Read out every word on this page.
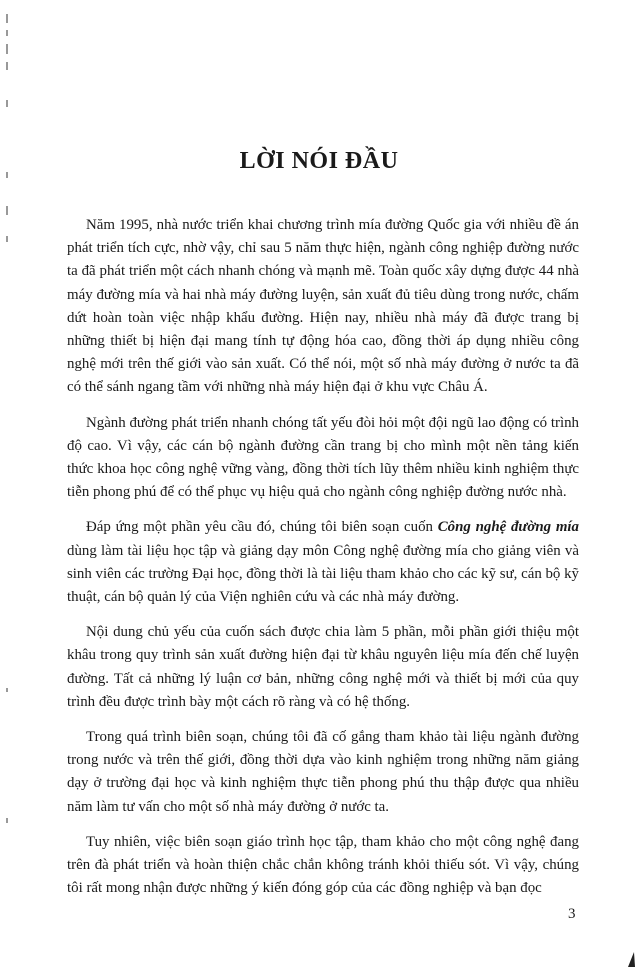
LỜI NÓI ĐẦU

Năm 1995, nhà nước triển khai chương trình mía đường Quốc gia với nhiều đề án phát triển tích cực, nhờ vậy, chỉ sau 5 năm thực hiện, ngành công nghiệp đường nước ta đã phát triển một cách nhanh chóng và mạnh mẽ. Toàn quốc xây dựng được 44 nhà máy đường mía và hai nhà máy đường luyện, sản xuất đủ tiêu dùng trong nước, chấm dứt hoàn toàn việc nhập khẩu đường. Hiện nay, nhiều nhà máy đã được trang bị những thiết bị hiện đại mang tính tự động hóa cao, đồng thời áp dụng nhiều công nghệ mới trên thế giới vào sản xuất. Có thể nói, một số nhà máy đường ở nước ta đã có thể sánh ngang tầm với những nhà máy hiện đại ở khu vực Châu Á.

Ngành đường phát triển nhanh chóng tất yếu đòi hỏi một đội ngũ lao động có trình độ cao. Vì vậy, các cán bộ ngành đường cần trang bị cho mình một nền tảng kiến thức khoa học công nghệ vững vàng, đồng thời tích lũy thêm nhiều kinh nghiệm thực tiễn phong phú để có thể phục vụ hiệu quả cho ngành công nghiệp đường nước nhà.

Đáp ứng một phần yêu cầu đó, chúng tôi biên soạn cuốn Công nghệ đường mía dùng làm tài liệu học tập và giảng dạy môn Công nghệ đường mía cho giảng viên và sinh viên các trường Đại học, đồng thời là tài liệu tham khảo cho các kỹ sư, cán bộ kỹ thuật, cán bộ quản lý của Viện nghiên cứu và các nhà máy đường.

Nội dung chủ yếu của cuốn sách được chia làm 5 phần, mỗi phần giới thiệu một khâu trong quy trình sản xuất đường hiện đại từ khâu nguyên liệu mía đến chế luyện đường. Tất cả những lý luận cơ bản, những công nghệ mới và thiết bị mới của quy trình đều được trình bày một cách rõ ràng và có hệ thống.

Trong quá trình biên soạn, chúng tôi đã cố gắng tham khảo tài liệu ngành đường trong nước và trên thế giới, đồng thời dựa vào kinh nghiệm trong những năm giảng dạy ở trường đại học và kinh nghiệm thực tiễn phong phú thu thập được qua nhiều năm làm tư vấn cho một số nhà máy đường ở nước ta.

Tuy nhiên, việc biên soạn giáo trình học tập, tham khảo cho một công nghệ đang trên đà phát triển và hoàn thiện chắc chắn không tránh khỏi thiếu sót. Vì vậy, chúng tôi rất mong nhận được những ý kiến đóng góp của các đồng nghiệp và bạn đọc

3
